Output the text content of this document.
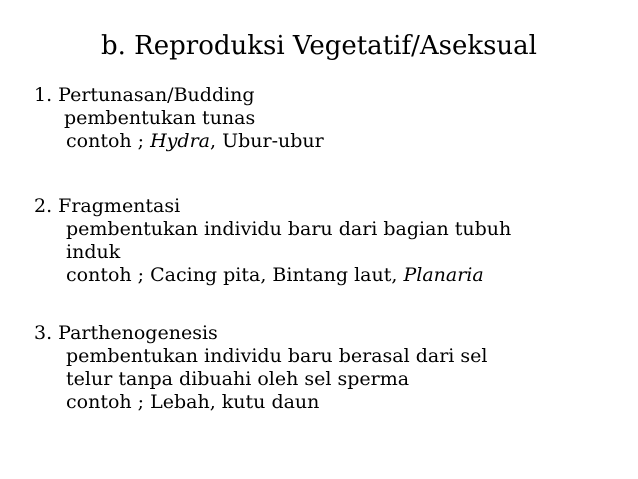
b. Reproduksi Vegetatif/Aseksual
1. Pertunasan/Budding
pembentukan tunas
contoh ; Hydra, Ubur-ubur
2. Fragmentasi
pembentukan individu baru dari bagian tubuh
induk
contoh ; Cacing pita, Bintang laut, Planaria
3. Parthenogenesis
pembentukan individu baru berasal dari sel
telur tanpa dibuahi oleh sel sperma
contoh ; Lebah, kutu daun
